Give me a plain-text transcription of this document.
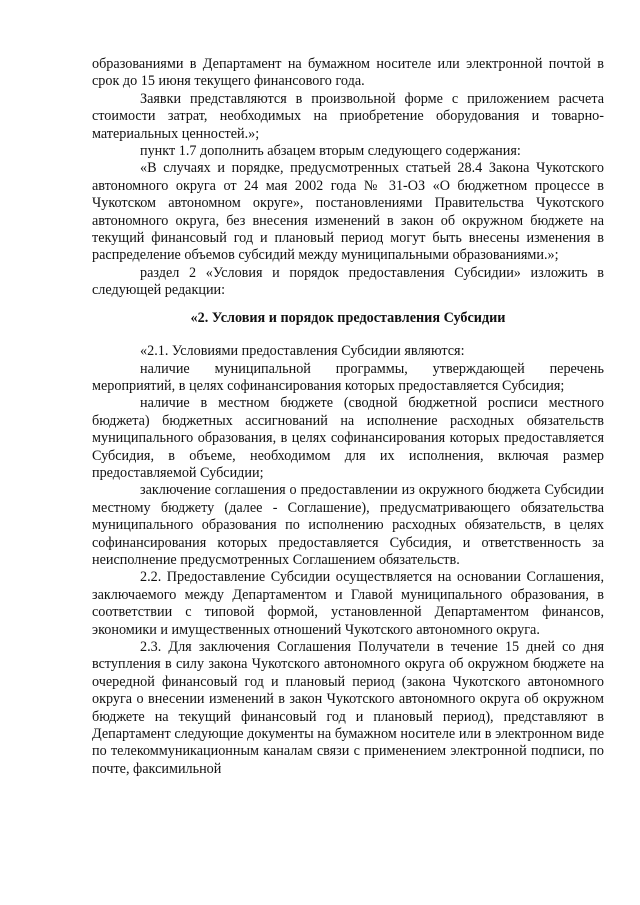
образованиями в Департамент на бумажном носителе или электронной почтой в срок до 15 июня текущего финансового года.

Заявки представляются в произвольной форме с приложением расчета стоимости затрат, необходимых на приобретение оборудования и товарно-материальных ценностей.»;

пункт 1.7 дополнить абзацем вторым следующего содержания:

«В случаях и порядке, предусмотренных статьей 28.4 Закона Чукотского автономного округа от 24 мая 2002 года № 31-ОЗ «О бюджетном процессе в Чукотском автономном округе», постановлениями Правительства Чукотского автономного округа, без внесения изменений в закон об окружном бюджете на текущий финансовый год и плановый период могут быть внесены изменения в распределение объемов субсидий между муниципальными образованиями.»;

раздел 2 «Условия и порядок предоставления Субсидии» изложить в следующей редакции:

«2. Условия и порядок предоставления Субсидии

«2.1. Условиями предоставления Субсидии являются:

наличие муниципальной программы, утверждающей перечень мероприятий, в целях софинансирования которых предоставляется Субсидия;

наличие в местном бюджете (сводной бюджетной росписи местного бюджета) бюджетных ассигнований на исполнение расходных обязательств муниципального образования, в целях софинансирования которых предоставляется Субсидия, в объеме, необходимом для их исполнения, включая размер предоставляемой Субсидии;

заключение соглашения о предоставлении из окружного бюджета Субсидии местному бюджету (далее - Соглашение), предусматривающего обязательства муниципального образования по исполнению расходных обязательств, в целях софинансирования которых предоставляется Субсидия, и ответственность за неисполнение предусмотренных Соглашением обязательств.

2.2. Предоставление Субсидии осуществляется на основании Соглашения, заключаемого между Департаментом и Главой муниципального образования, в соответствии с типовой формой, установленной Департаментом финансов, экономики и имущественных отношений Чукотского автономного округа.

2.3. Для заключения Соглашения Получатели в течение 15 дней со дня вступления в силу закона Чукотского автономного округа об окружном бюджете на очередной финансовый год и плановый период (закона Чукотского автономного округа о внесении изменений в закон Чукотского автономного округа об окружном бюджете на текущий финансовый год и плановый период), представляют в Департамент следующие документы на бумажном носителе или в электронном виде по телекоммуникационным каналам связи с применением электронной подписи, по почте, факсимильной
